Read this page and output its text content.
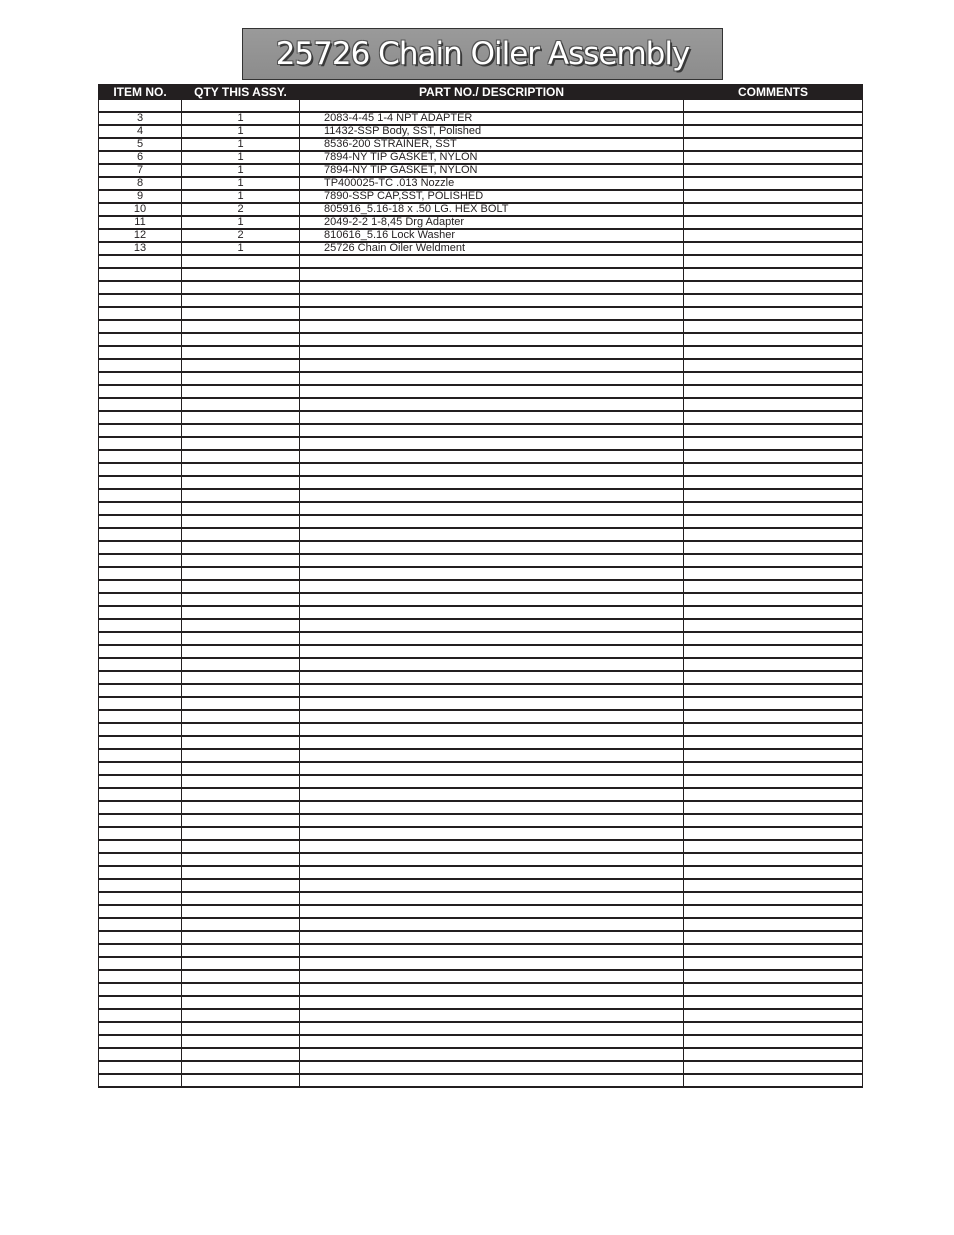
25726 Chain Oiler Assembly
ITEM NO.	QTY THIS ASSY.	PART NO./ DESCRIPTION	COMMENTS

3	1	2083-4-45 1-4 NPT ADAPTER	
4	1	11432-SSP Body, SST, Polished	
5	1	8536-200 STRAINER, SST	
6	1	7894-NY TIP GASKET, NYLON	
7	1	7894-NY TIP GASKET, NYLON	
8	1	TP400025-TC .013 Nozzle	
9	1	7890-SSP CAP,SST, POLISHED	
10	2	805916_5.16-18 x .50 LG. HEX BOLT	
11	1	2049-2-2 1-8,45 Drg Adapter	
12	2	810616_5.16 Lock Washer	
13	1	25726 Chain Oiler Weldment	
